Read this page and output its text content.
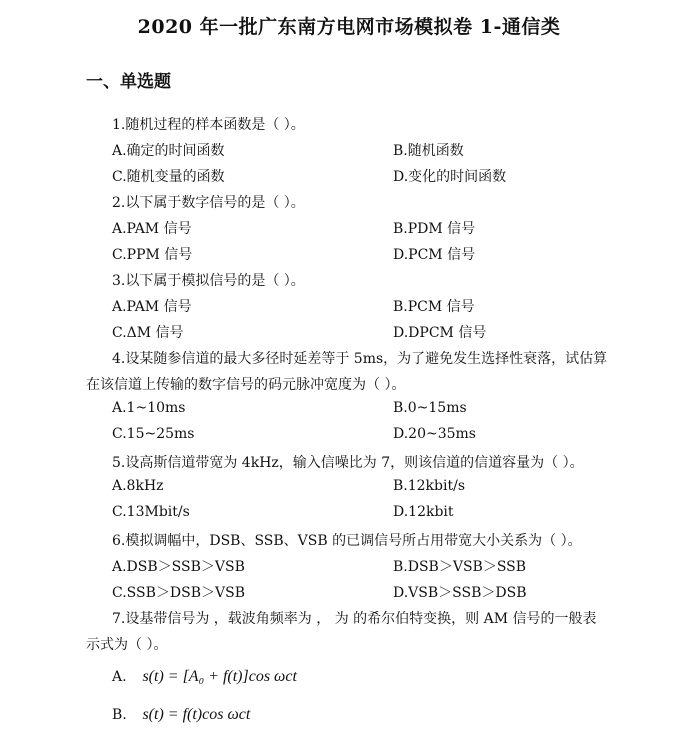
2020 年一批广东南方电网市场模拟卷 1-通信类
一、单选题
1.随机过程的样本函数是（ ）。
A.确定的时间函数	B.随机函数
C.随机变量的函数	D.变化的时间函数
2.以下属于数字信号的是（ ）。
A.PAM 信号	B.PDM 信号
C.PPM 信号	D.PCM 信号
3.以下属于模拟信号的是（ ）。
A.PAM 信号	B.PCM 信号
C.ΔM 信号	D.DPCM 信号
4.设某随参信道的最大多径时延差等于 5ms，为了避免发生选择性衰落，试估算
在该信道上传输的数字信号的码元脉冲宽度为（ ）。
A.1~10ms	B.0~15ms
C.15~25ms	D.20~35ms
5.设高斯信道带宽为 4kHz，输入信噪比为 7，则该信道的信道容量为（ ）。
A.8kHz	B.12kbit/s
C.13Mbit/s	D.12kbit
6.模拟调幅中，DSB、SSB、VSB 的已调信号所占用带宽大小关系为（ ）。
A.DSB＞SSB＞VSB	B.DSB＞VSB＞SSB
C.SSB＞DSB＞VSB	D.VSB＞SSB＞DSB
7.设基带信号为 ，载波角频率为 ， 为 的希尔伯特变换，则 AM 信号的一般表
示式为（ ）。
A. s(t) = [A₀ + f(t)]cos ωct
B. s(t) = f(t)cos ωct
